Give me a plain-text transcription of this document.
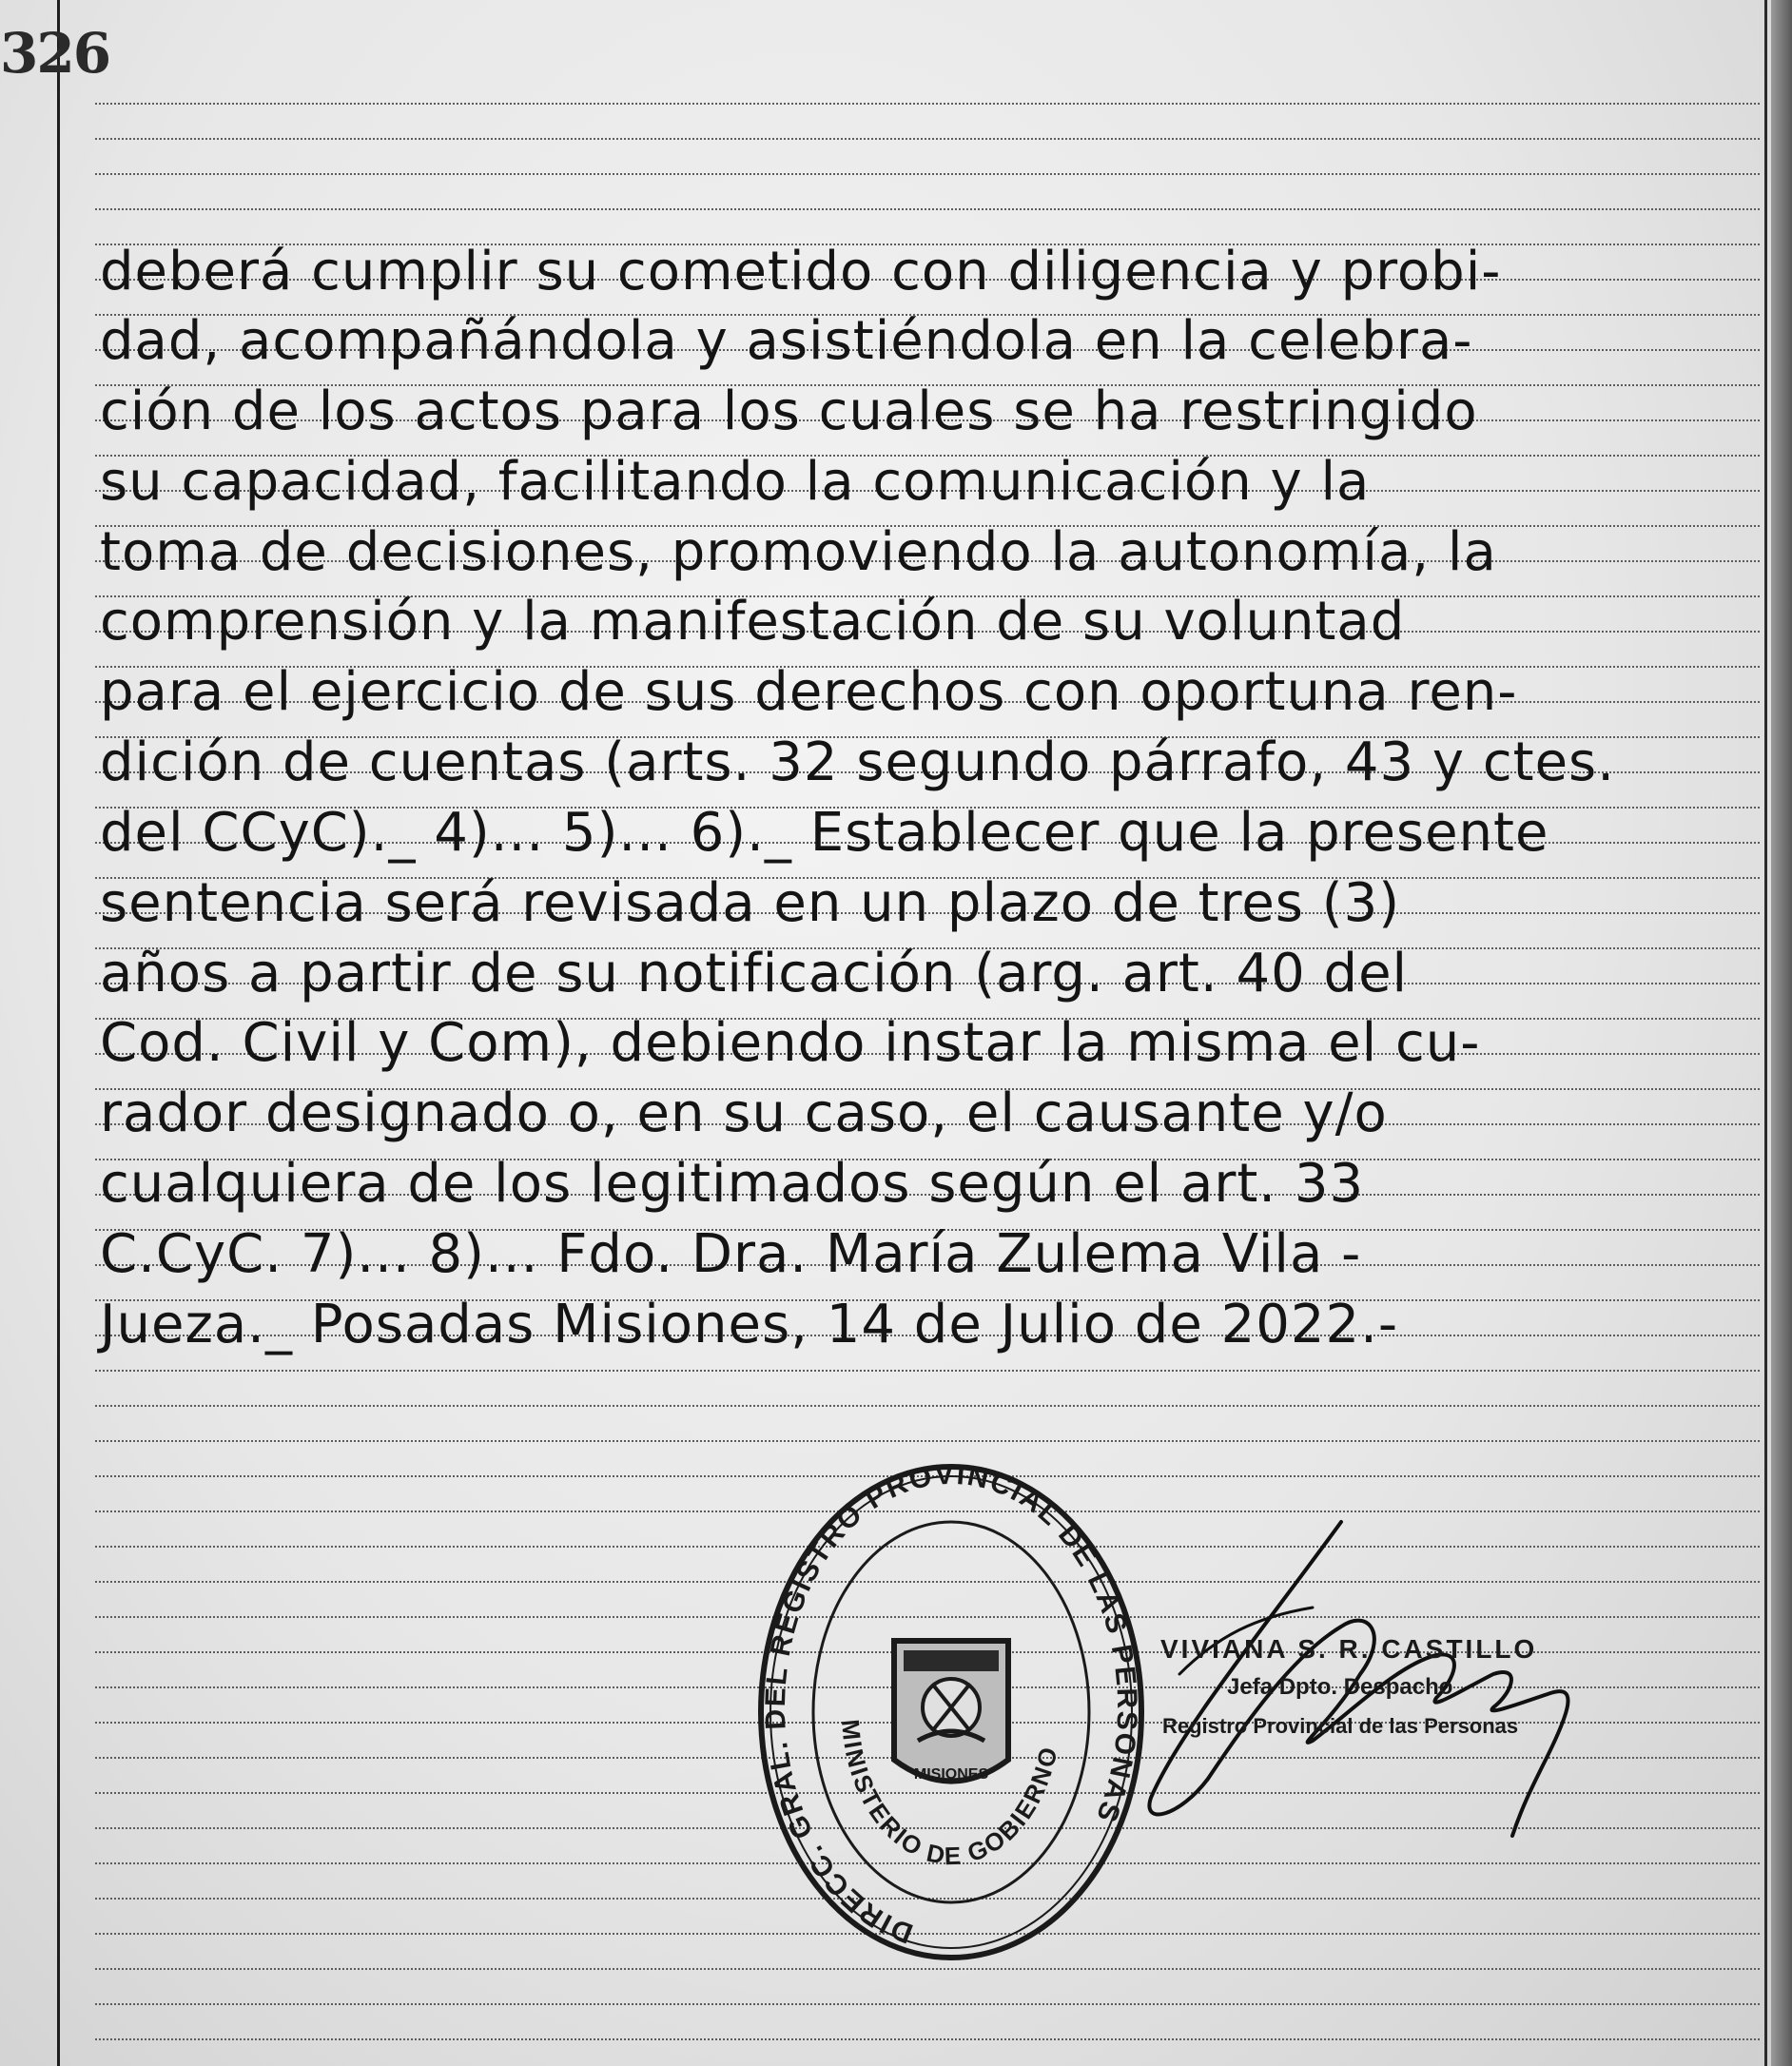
326
deberá cumplir su cometido con diligencia y probi-
dad, acompañándola y asistiéndola en la celebra-
ción de los actos para los cuales se ha restringido
su capacidad, facilitando la comunicación y la
toma de decisiones, promoviendo la autonomía, la
comprensión y la manifestación de su voluntad
para el ejercicio de sus derechos con oportuna ren-
dición de cuentas (arts. 32 segundo párrafo, 43 y ctes.
del CCyC)._ 4)... 5)... 6)._ Establecer que la presente
sentencia será revisada en un plazo de tres (3)
años a partir de su notificación (arg. art. 40 del
Cod. Civil y Com), debiendo instar la misma el cu-
rador designado o, en su caso, el causante y/o
cualquiera de los legitimados según el art. 33
C.CyC. 7)... 8)... Fdo. Dra. María Zulema Vila -
Jueza._ Posadas Misiones, 14 de Julio de 2022.-
DIRECC. GRAL. DEL REGISTRO PROVINCIAL DE LAS PERSONAS
MINISTERIO DE GOBIERNO
MISIONES
VIVIANA S. R. CASTILLO
Jefa Dpto. Despacho
Registro Provincial de las Personas
